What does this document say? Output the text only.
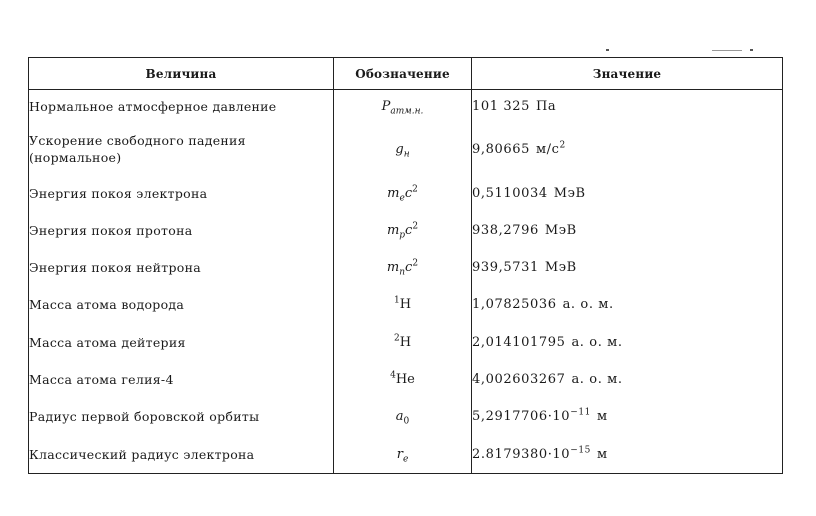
Величина	Обозначение	Значение
Нормальное атмосферное давление	$P_{атм.н.}$	101 325 Па
Ускорение свободного падения
(нормальное)	$g_н$	9,80665 $м/с^2$
Энергия покоя электрона	$m_ec^2$	0,5110034 МэВ
Энергия покоя протона	$m_pc^2$	938,2796 МэВ
Энергия покоя нейтрона	$m_nc^2$	939,5731 МэВ
Масса атома водорода	$^1$H	1,07825036 а. о. м.
Масса атома дейтерия	$^2$H	2,014101795 а. о. м.
Масса атома гелия-4	$^4$He	4,002603267 а. о. м.
Радиус первой боровской орбиты	$a_0$	$5,2917706\cdot 10^{-11}$ м
Классический радиус электрона	$r_e$	$2.8179380\cdot 10^{-15}$ м
